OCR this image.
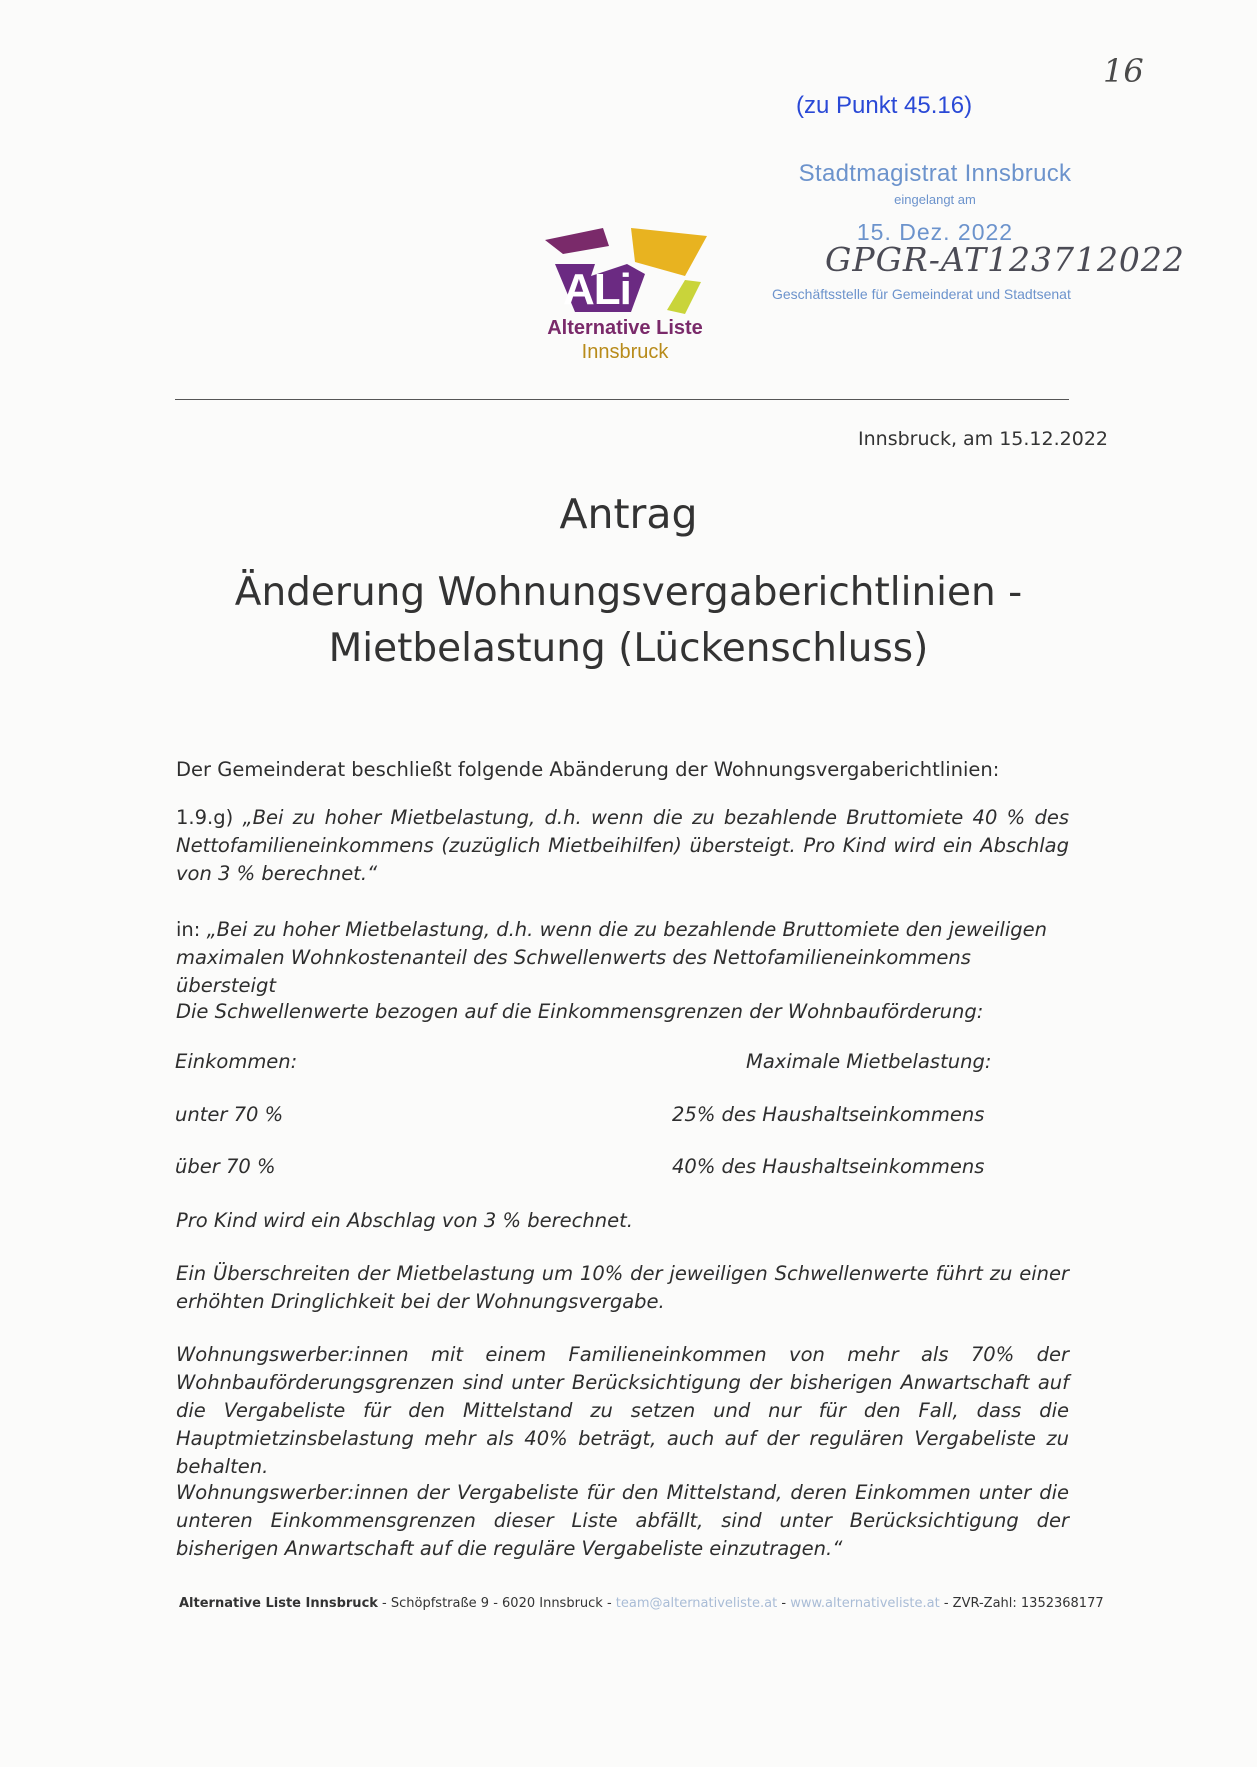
16
(zu Punkt 45.16)
Stadtmagistrat Innsbruck
eingelangt am
15. Dez. 2022
Geschäftsstelle für Gemeinderat und Stadtsenat
GPGR-AT123712022
ALi
Alternative Liste
Innsbruck
Innsbruck, am 15.12.2022
Antrag
Änderung Wohnungsvergaberichtlinien -
Mietbelastung (Lückenschluss)
Der Gemeinderat beschließt folgende Abänderung der Wohnungsvergaberichtlinien:
1.9.g) „Bei zu hoher Mietbelastung, d.h. wenn die zu bezahlende Bruttomiete 40 % des Nettofamilieneinkommens (zuzüglich Mietbeihilfen) übersteigt. Pro Kind wird ein Abschlag von 3 % berechnet.“
in: „Bei zu hoher Mietbelastung, d.h. wenn die zu bezahlende Bruttomiete den jeweiligen maximalen Wohnkostenanteil des Schwellenwerts des Nettofamilieneinkommens übersteigt
Die Schwellenwerte bezogen auf die Einkommensgrenzen der Wohnbauförderung:
Einkommen:	Maximale Mietbelastung:
unter 70 %	25% des Haushaltseinkommens
über 70 %	40% des Haushaltseinkommens
Pro Kind wird ein Abschlag von 3 % berechnet.
Ein Überschreiten der Mietbelastung um 10% der jeweiligen Schwellenwerte führt zu einer erhöhten Dringlichkeit bei der Wohnungsvergabe.
Wohnungswerber:innen mit einem Familieneinkommen von mehr als 70% der Wohnbauförderungsgrenzen sind unter Berücksichtigung der bisherigen Anwartschaft auf die Vergabeliste für den Mittelstand zu setzen und nur für den Fall, dass die Hauptmietzinsbelastung mehr als 40% beträgt, auch auf der regulären Vergabeliste zu behalten.
Wohnungswerber:innen der Vergabeliste für den Mittelstand, deren Einkommen unter die unteren Einkommensgrenzen dieser Liste abfällt, sind unter Berücksichtigung der bisherigen Anwartschaft auf die reguläre Vergabeliste einzutragen.“
Alternative Liste Innsbruck - Schöpfstraße 9 - 6020 Innsbruck - team@alternativeliste.at - www.alternativeliste.at - ZVR-Zahl: 1352368177
